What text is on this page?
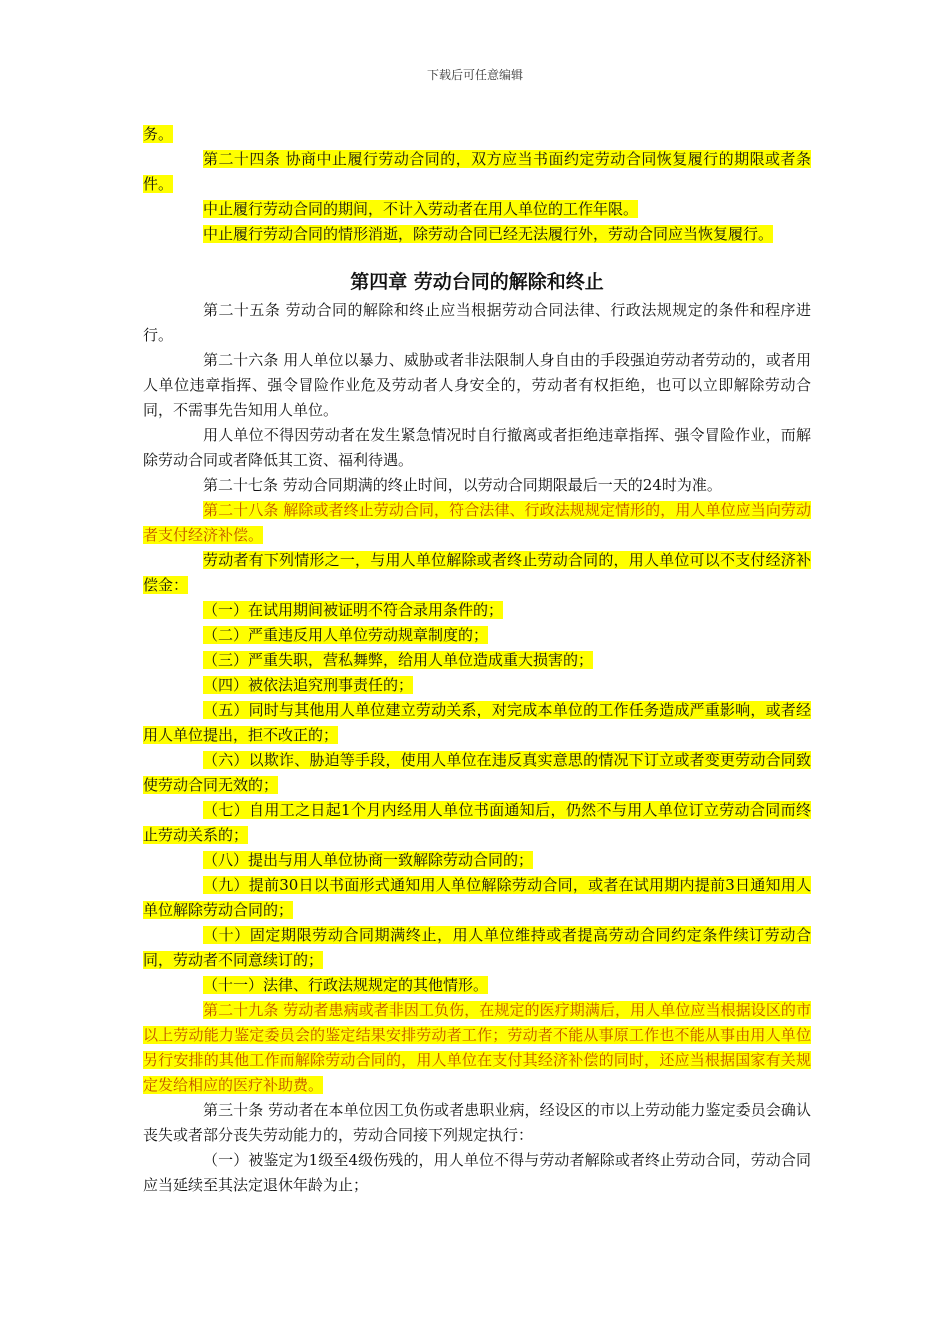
下载后可任意编辑

务。

第二十四条 协商中止履行劳动合同的，双方应当书面约定劳动合同恢复履行的期限或者条件。

中止履行劳动合同的期间，不计入劳动者在用人单位的工作年限。

中止履行劳动合同的情形消逝，除劳动合同已经无法履行外，劳动合同应当恢复履行。

第四章 劳动台同的解除和终止

第二十五条 劳动合同的解除和终止应当根据劳动合同法律、行政法规规定的条件和程序进行。

第二十六条 用人单位以暴力、威胁或者非法限制人身自由的手段强迫劳动者劳动的，或者用人单位违章指挥、强令冒险作业危及劳动者人身安全的，劳动者有权拒绝，也可以立即解除劳动合同，不需事先告知用人单位。

用人单位不得因劳动者在发生紧急情况时自行撤离或者拒绝违章指挥、强令冒险作业，而解除劳动合同或者降低其工资、福利待遇。

第二十七条 劳动合同期满的终止时间，以劳动合同期限最后一天的24时为准。

第二十八条 解除或者终止劳动合同，符合法律、行政法规规定情形的，用人单位应当向劳动者支付经济补偿。

劳动者有下列情形之一，与用人单位解除或者终止劳动合同的，用人单位可以不支付经济补偿金：

（一）在试用期间被证明不符合录用条件的；

（二）严重违反用人单位劳动规章制度的；

（三）严重失职，营私舞弊，给用人单位造成重大损害的；

（四）被依法追究刑事责任的；

（五）同时与其他用人单位建立劳动关系，对完成本单位的工作任务造成严重影响，或者经用人单位提出，拒不改正的；

（六）以欺诈、胁迫等手段，使用人单位在违反真实意思的情况下订立或者变更劳动合同致使劳动合同无效的；

（七）自用工之日起1个月内经用人单位书面通知后，仍然不与用人单位订立劳动合同而终止劳动关系的；

（八）提出与用人单位协商一致解除劳动合同的；

（九）提前30日以书面形式通知用人单位解除劳动合同，或者在试用期内提前3日通知用人单位解除劳动合同的；

（十）固定期限劳动合同期满终止，用人单位维持或者提高劳动合同约定条件续订劳动合同，劳动者不同意续订的；

（十一）法律、行政法规规定的其他情形。

第二十九条 劳动者患病或者非因工负伤，在规定的医疗期满后，用人单位应当根据设区的市以上劳动能力鉴定委员会的鉴定结果安排劳动者工作；劳动者不能从事原工作也不能从事由用人单位另行安排的其他工作而解除劳动合同的，用人单位在支付其经济补偿的同时，还应当根据国家有关规定发给相应的医疗补助费。

第三十条 劳动者在本单位因工负伤或者患职业病，经设区的市以上劳动能力鉴定委员会确认丧失或者部分丧失劳动能力的，劳动合同接下列规定执行：

（一）被鉴定为1级至4级伤残的，用人单位不得与劳动者解除或者终止劳动合同，劳动合同应当延续至其法定退休年龄为止；
